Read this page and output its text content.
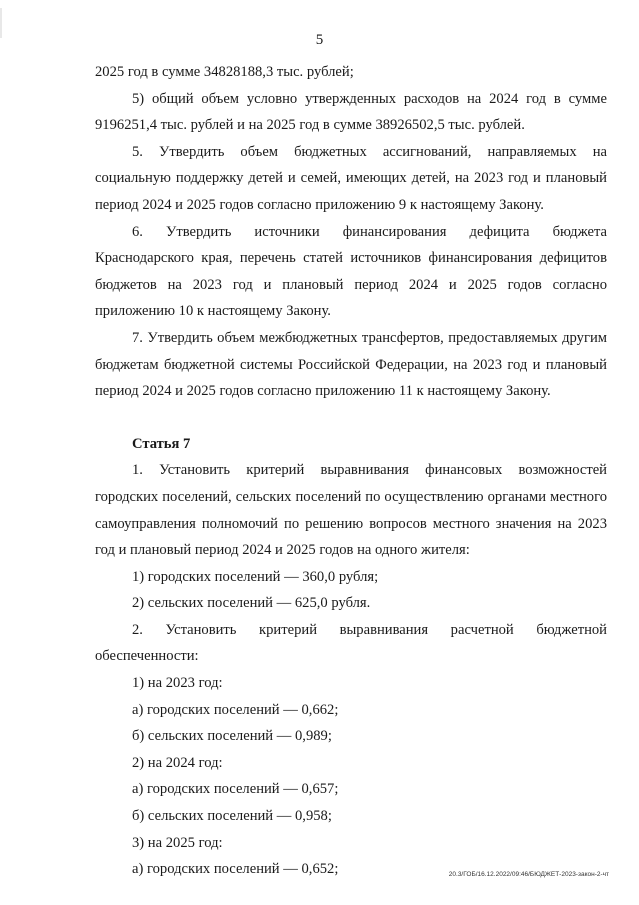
5

2025 год в сумме 34828188,3 тыс. рублей;

5) общий объем условно утвержденных расходов на 2024 год в сумме 9196251,4 тыс. рублей и на 2025 год в сумме 38926502,5 тыс. рублей.

5. Утвердить объем бюджетных ассигнований, направляемых на социальную поддержку детей и семей, имеющих детей, на 2023 год и плановый период 2024 и 2025 годов согласно приложению 9 к настоящему Закону.

6. Утвердить источники финансирования дефицита бюджета Краснодарского края, перечень статей источников финансирования дефицитов бюджетов на 2023 год и плановый период 2024 и 2025 годов согласно приложению 10 к настоящему Закону.

7. Утвердить объем межбюджетных трансфертов, предоставляемых другим бюджетам бюджетной системы Российской Федерации, на 2023 год и плановый период 2024 и 2025 годов согласно приложению 11 к настоящему Закону.

Статья 7

1. Установить критерий выравнивания финансовых возможностей городских поселений, сельских поселений по осуществлению органами местного самоуправления полномочий по решению вопросов местного значения на 2023 год и плановый период 2024 и 2025 годов на одного жителя:

1) городских поселений — 360,0 рубля;

2) сельских поселений — 625,0 рубля.

2. Установить критерий выравнивания расчетной бюджетной обеспеченности:

1) на 2023 год:

а) городских поселений — 0,662;

б) сельских поселений — 0,989;

2) на 2024 год:

а) городских поселений — 0,657;

б) сельских поселений — 0,958;

3) на 2025 год:

а) городских поселений — 0,652;	20.3/ГОБ/16.12.2022/09:46/БЮДЖЕТ-2023-закон-2-чт
